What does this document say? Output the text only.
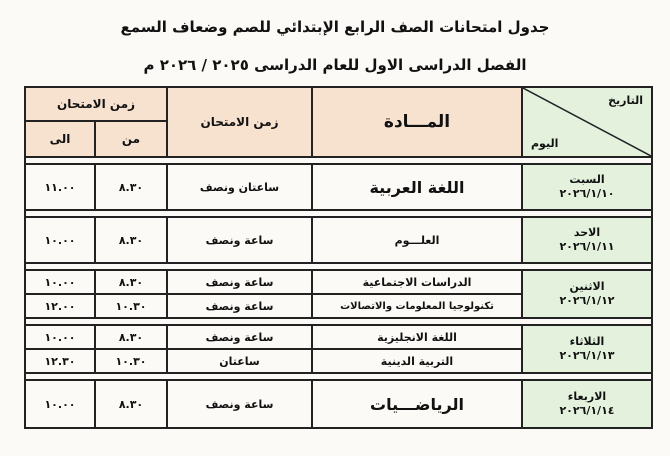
جدول امتحانات الصف الرابع الإبتدائي للصم وضعاف السمع
الفصل الدراسى الاول للعام الدراسى ٢٠٢٥ / ٢٠٢٦ م
التاريخ
اليوم	المـــادة	زمن الامتحان	زمن الامتحان	
			من	الى

السبت
٢٠٢٦/١/١٠	اللغة العربية	ساعتان ونصف	٨.٣٠	١١.٠٠

الاحد
٢٠٢٦/١/١١	العلـــوم	ساعة ونصف	٨.٣٠	١٠.٠٠

الاثنين
٢٠٢٦/١/١٢	الدراسات الاجتماعية	ساعة ونصف	٨.٣٠	١٠.٠٠
	تكنولوجيا المعلومات والاتصالات	ساعة ونصف	١٠.٣٠	١٢.٠٠

الثلاثاء
٢٠٢٦/١/١٣	اللغة الانجليزية	ساعة ونصف	٨.٣٠	١٠.٠٠
	التربية الدينية	ساعتان	١٠.٣٠	١٢.٣٠

الاربعاء
٢٠٢٦/١/١٤	الرياضـــيات	ساعة ونصف	٨.٣٠	١٠.٠٠
